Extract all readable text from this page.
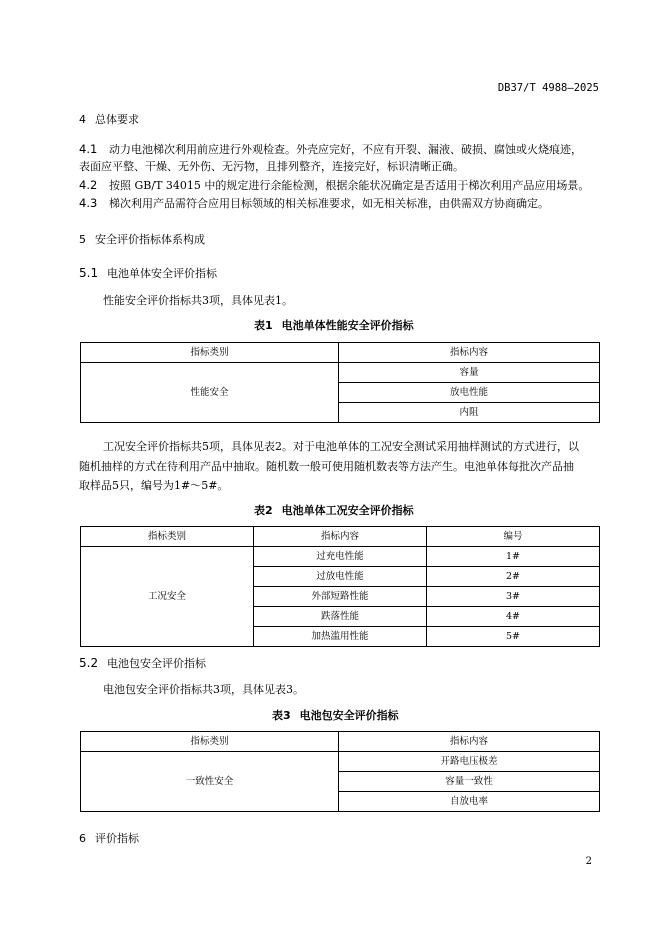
DB37/T 4988—2025
4 总体要求
4.1 动力电池梯次利用前应进行外观检查。外壳应完好，不应有开裂、漏液、破损、腐蚀或火烧痕迹，
表面应平整、干燥、无外伤、无污物，且排列整齐，连接完好，标识清晰正确。
4.2 按照 GB/T 34015 中的规定进行余能检测，根据余能状况确定是否适用于梯次利用产品应用场景。
4.3 梯次利用产品需符合应用目标领域的相关标准要求，如无相关标准，由供需双方协商确定。
5 安全评价指标体系构成
5.1 电池单体安全评价指标
性能安全评价指标共3项，具体见表1。
表1 电池单体性能安全评价指标
指标类别	指标内容
性能安全	容量
	放电性能
	内阻
工况安全评价指标共5项，具体见表2。对于电池单体的工况安全测试采用抽样测试的方式进行，以
随机抽样的方式在待利用产品中抽取。随机数一般可使用随机数表等方法产生。电池单体每批次产品抽
取样品5只，编号为1#～5#。
表2 电池单体工况安全评价指标
指标类别	指标内容	编号
工况安全	过充电性能	1#
	过放电性能	2#
	外部短路性能	3#
	跌落性能	4#
	加热滥用性能	5#
5.2 电池包安全评价指标
电池包安全评价指标共3项，具体见表3。
表3 电池包安全评价指标
指标类别	指标内容
一致性安全	开路电压极差
	容量一致性
	自放电率
6 评价指标
2
